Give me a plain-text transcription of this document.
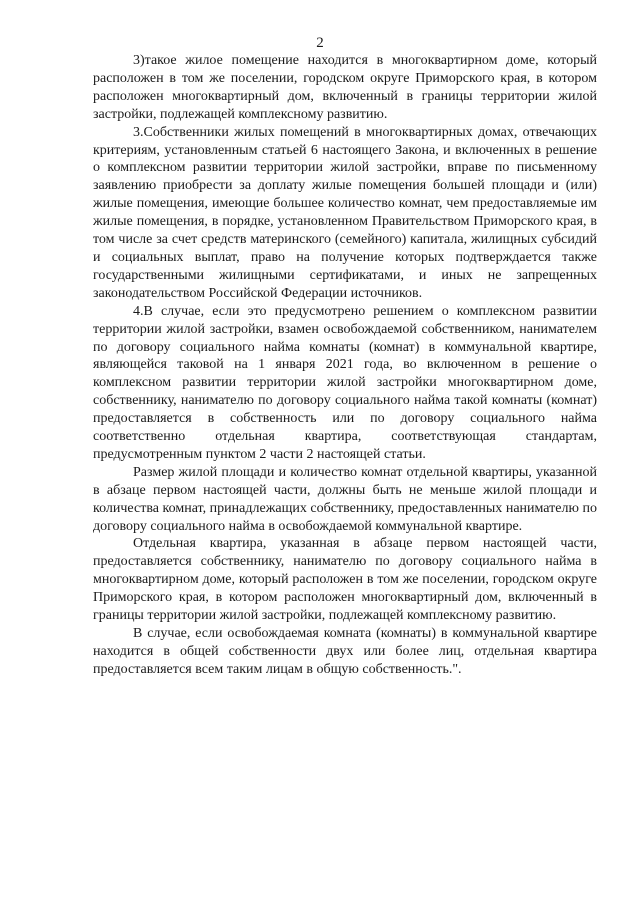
2

3)такое жилое помещение находится в многоквартирном доме, который расположен в том же поселении, городском округе Приморского края, в котором расположен многоквартирный дом, включенный в границы территории жилой застройки, подлежащей комплексному развитию.

3.Собственники жилых помещений в многоквартирных домах, отвечающих критериям, установленным статьей 6 настоящего Закона, и включенных в решение о комплексном развитии территории жилой застройки, вправе по письменному заявлению приобрести за доплату жилые помещения большей площади и (или) жилые помещения, имеющие большее количество комнат, чем предоставляемые им жилые помещения, в порядке, установленном Правительством Приморского края, в том числе за счет средств материнского (семейного) капитала, жилищных субсидий и социальных выплат, право на получение которых подтверждается также государственными жилищными сертификатами, и иных не запрещенных законодательством Российской Федерации источников.

4.В случае, если это предусмотрено решением о комплексном развитии территории жилой застройки, взамен освобождаемой собственником, нанимателем по договору социального найма комнаты (комнат) в коммунальной квартире, являющейся таковой на 1 января 2021 года, во включенном в решение о комплексном развитии территории жилой застройки многоквартирном доме, собственнику, нанимателю по договору социального найма такой комнаты (комнат) предоставляется в собственность или по договору социального найма соответственно отдельная квартира, соответствующая стандартам, предусмотренным пунктом 2 части 2 настоящей статьи.

Размер жилой площади и количество комнат отдельной квартиры, указанной в абзаце первом настоящей части, должны быть не меньше жилой площади и количества комнат, принадлежащих собственнику, предоставленных нанимателю по договору социального найма в освобождаемой коммунальной квартире.

Отдельная квартира, указанная в абзаце первом настоящей части, предоставляется собственнику, нанимателю по договору социального найма в многоквартирном доме, который расположен в том же поселении, городском округе Приморского края, в котором расположен многоквартирный дом, включенный в границы территории жилой застройки, подлежащей комплексному развитию.

В случае, если освобождаемая комната (комнаты) в коммунальной квартире находится в общей собственности двух или более лиц, отдельная квартира предоставляется всем таким лицам в общую собственность.".
